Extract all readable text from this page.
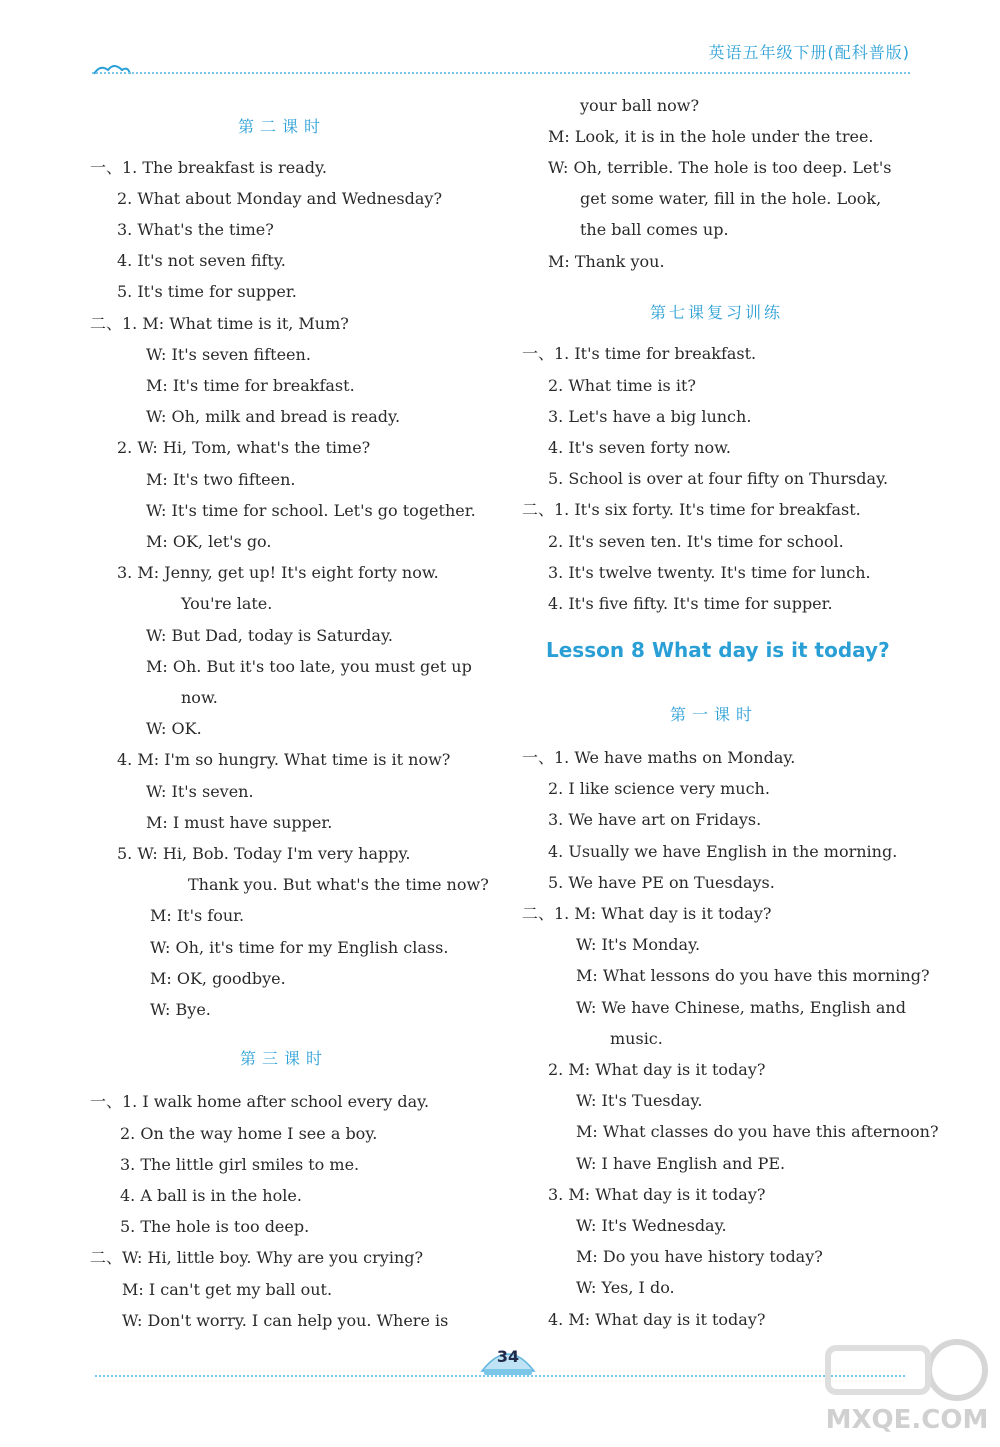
英语五年级下册(配科普版)
第二课时
一、1. The breakfast is ready.
2. What about Monday and Wednesday?
3. What's the time?
4. It's not seven fifty.
5. It's time for supper.
二、1. M: What time is it, Mum?
W: It's seven fifteen.
M: It's time for breakfast.
W: Oh, milk and bread is ready.
2. W: Hi, Tom, what's the time?
M: It's two fifteen.
W: It's time for school. Let's go together.
M: OK, let's go.
3. M: Jenny, get up! It's eight forty now.
You're late.
W: But Dad, today is Saturday.
M: Oh. But it's too late, you must get up
now.
W: OK.
4. M: I'm so hungry. What time is it now?
W: It's seven.
M: I must have supper.
5. W: Hi, Bob. Today I'm very happy.
Thank you. But what's the time now?
M: It's four.
W: Oh, it's time for my English class.
M: OK, goodbye.
W: Bye.
第三课时
一、1. I walk home after school every day.
2. On the way home I see a boy.
3. The little girl smiles to me.
4. A ball is in the hole.
5. The hole is too deep.
二、W: Hi, little boy. Why are you crying?
M: I can't get my ball out.
W: Don't worry. I can help you. Where is
your ball now?
M: Look, it is in the hole under the tree.
W: Oh, terrible. The hole is too deep. Let's
get some water, fill in the hole. Look,
the ball comes up.
M: Thank you.
第七课复习训练
一、1. It's time for breakfast.
2. What time is it?
3. Let's have a big lunch.
4. It's seven forty now.
5. School is over at four fifty on Thursday.
二、1. It's six forty. It's time for breakfast.
2. It's seven ten. It's time for school.
3. It's twelve twenty. It's time for lunch.
4. It's five fifty. It's time for supper.
Lesson 8 What day is it today?
第一课时
一、1. We have maths on Monday.
2. I like science very much.
3. We have art on Fridays.
4. Usually we have English in the morning.
5. We have PE on Tuesdays.
二、1. M: What day is it today?
W: It's Monday.
M: What lessons do you have this morning?
W: We have Chinese, maths, English and
music.
2. M: What day is it today?
W: It's Tuesday.
M: What classes do you have this afternoon?
W: I have English and PE.
3. M: What day is it today?
W: It's Wednesday.
M: Do you have history today?
W: Yes, I do.
4. M: What day is it today?
34
MXQE.COM
